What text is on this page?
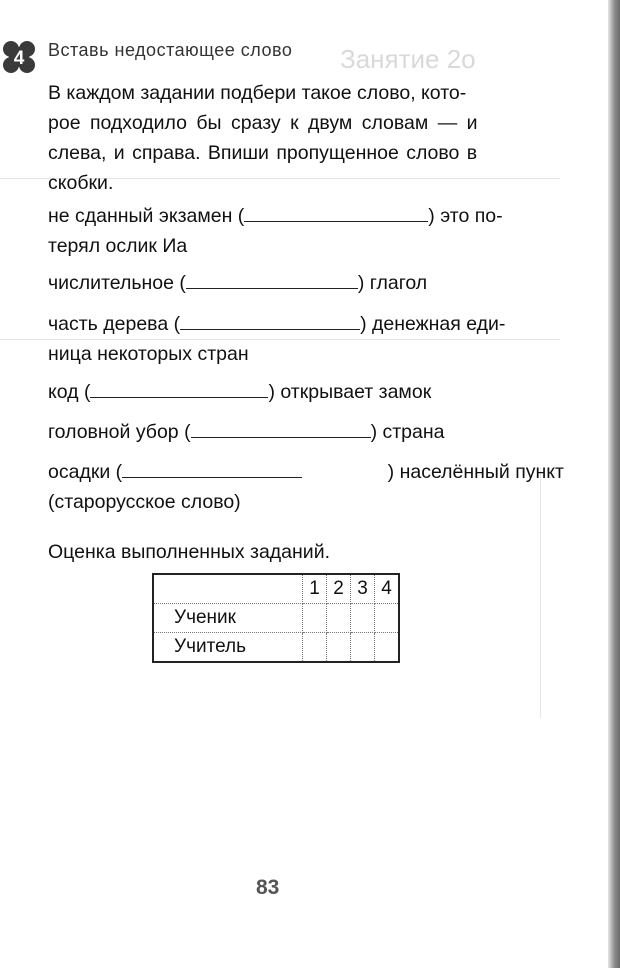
Занятие 2о
4 Вставь недостающее слово
В каждом задании подбери такое слово, кото-
рое подходило бы сразу к двум словам — и
слева, и справа. Впиши пропущенное слово в
скобки.
не сданный экзамен (	) это по-
терял ослик Иа
числительное (	) глагол
часть дерева (	) денежная еди-
ница некоторых стран
код (	) открывает замок
головной убор (	) страна
осадки (	) населённый пункт
(старорусское слово)
Оценка выполненных заданий.
	1	2	3	4
Ученик				
Учитель				
83
